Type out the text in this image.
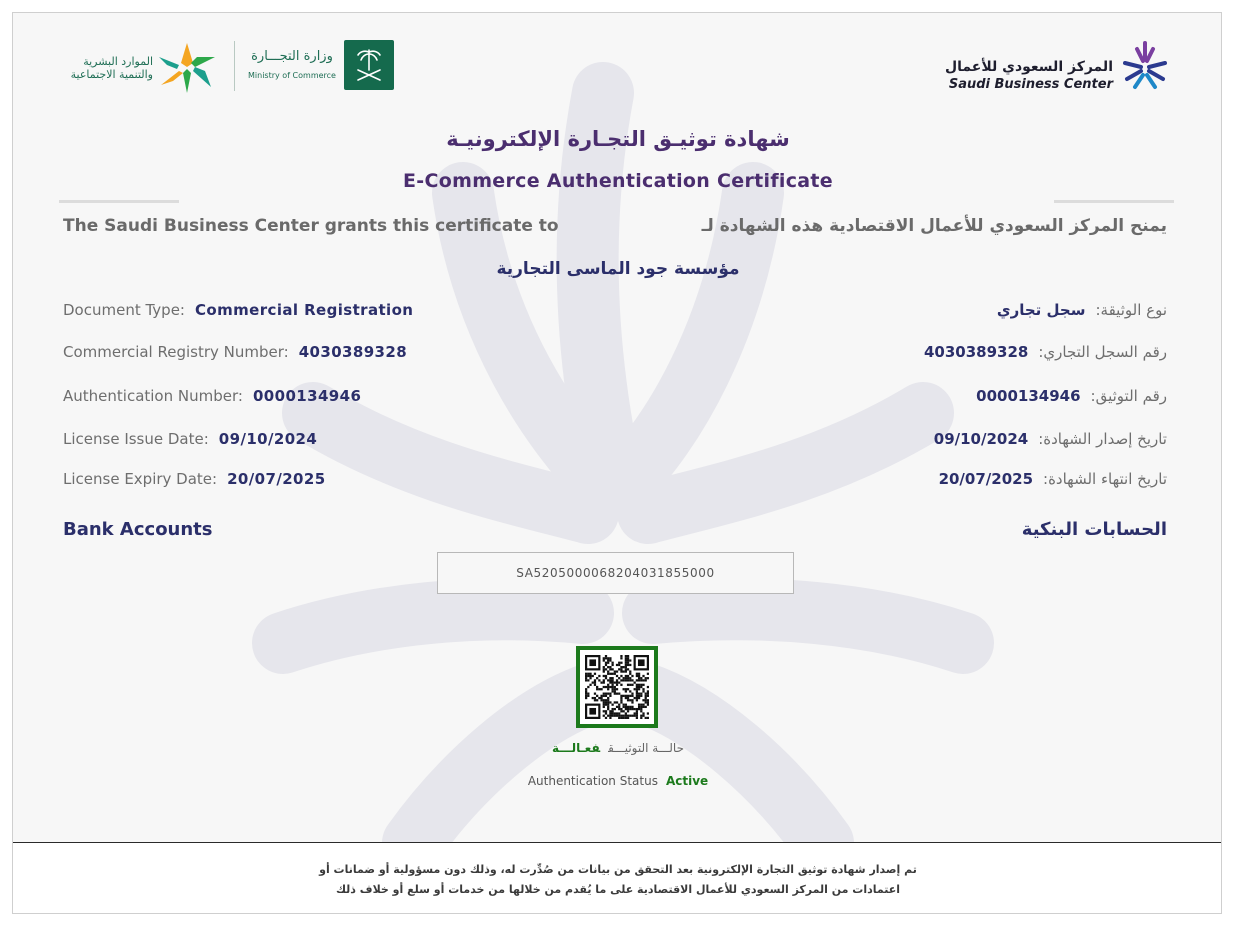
المركز السعودي للأعمال
Saudi Business Center
وزارة التجـــارة
Ministry of Commerce
الموارد البشرية
والتنمية الاجتماعية
شهادة توثيـق التجـارة الإلكترونيـة
E-Commerce Authentication Certificate
The Saudi Business Center grants this certificate to	يمنح المركز السعودي للأعمال الاقتصادية هذه الشهادة لـ
مؤسسة جود الماسى التجارية
Document Type: Commercial Registration
Commercial Registry Number: 4030389328
Authentication Number: 0000134946
License Issue Date: 09/10/2024
License Expiry Date: 20/07/2025
نوع الوثيقة:سجل تجاري
رقم السجل التجاري:4030389328
رقم التوثيق:0000134946
تاريخ إصدار الشهادة:09/10/2024
تاريخ انتهاء الشهادة:20/07/2025
Bank Accounts	الحسابات البنكية
SA5205000068204031855000
حالـــة التوثيـــقفعـالـــة
Authentication Status Active

تم إصدار شهادة توثيق التجارة الإلكترونية بعد التحقق من بيانات من صُدِّرت له، وذلك دون مسؤولية أو ضمانات أو

اعتمادات من المركز السعودي للأعمال الاقتصادية على ما يُقدم من خلالها من خدمات أو سلع أو خلاف ذلك
